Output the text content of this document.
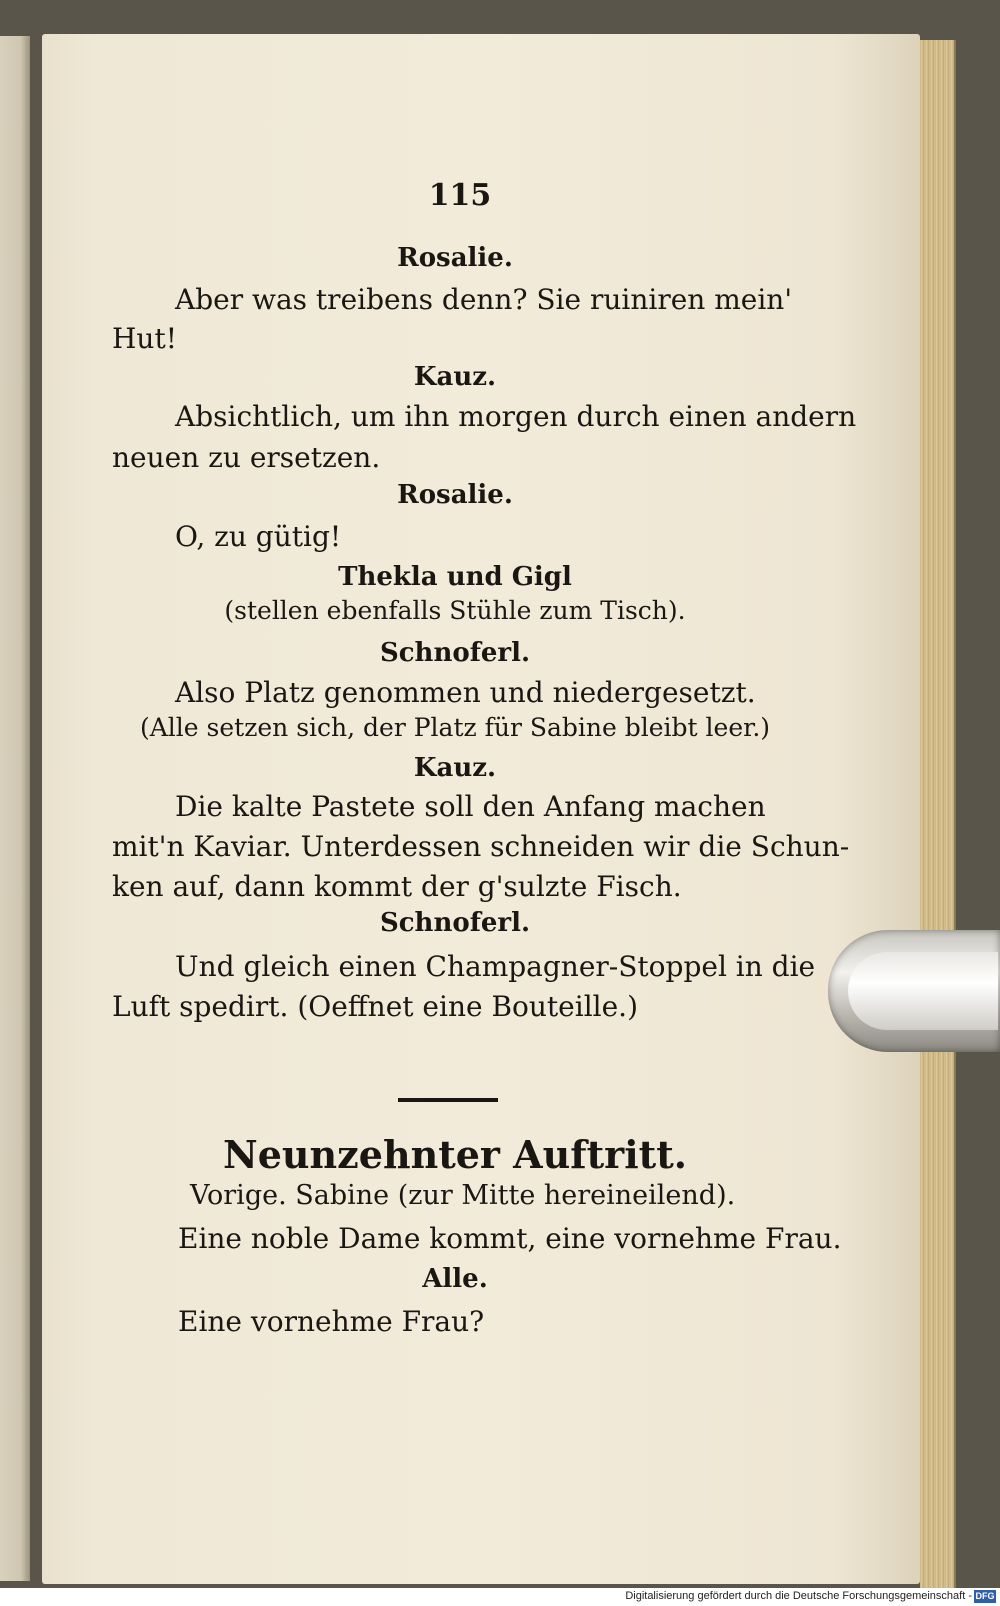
115
Rosalie.
Aber was treibens denn? Sie ruiniren mein'
Hut!
Kauz.
Absichtlich, um ihn morgen durch einen andern
neuen zu ersetzen.
Rosalie.
O, zu gütig!
Thekla und Gigl
(stellen ebenfalls Stühle zum Tisch).
Schnoferl.
Also Platz genommen und niedergesetzt.
(Alle setzen sich, der Platz für Sabine bleibt leer.)
Kauz.
Die kalte Pastete soll den Anfang machen
mit'n Kaviar. Unterdessen schneiden wir die Schun-
ken auf, dann kommt der g'sulzte Fisch.
Schnoferl.
Und gleich einen Champagner-Stoppel in die
Luft spedirt. (Oeffnet eine Bouteille.)
Neunzehnter Auftritt.
Vorige. Sabine (zur Mitte hereineilend).
Eine noble Dame kommt, eine vornehme Frau.
Alle.
Eine vornehme Frau?
Digitalisierung gefördert durch die Deutsche Forschungsgemeinschaft - DFG
